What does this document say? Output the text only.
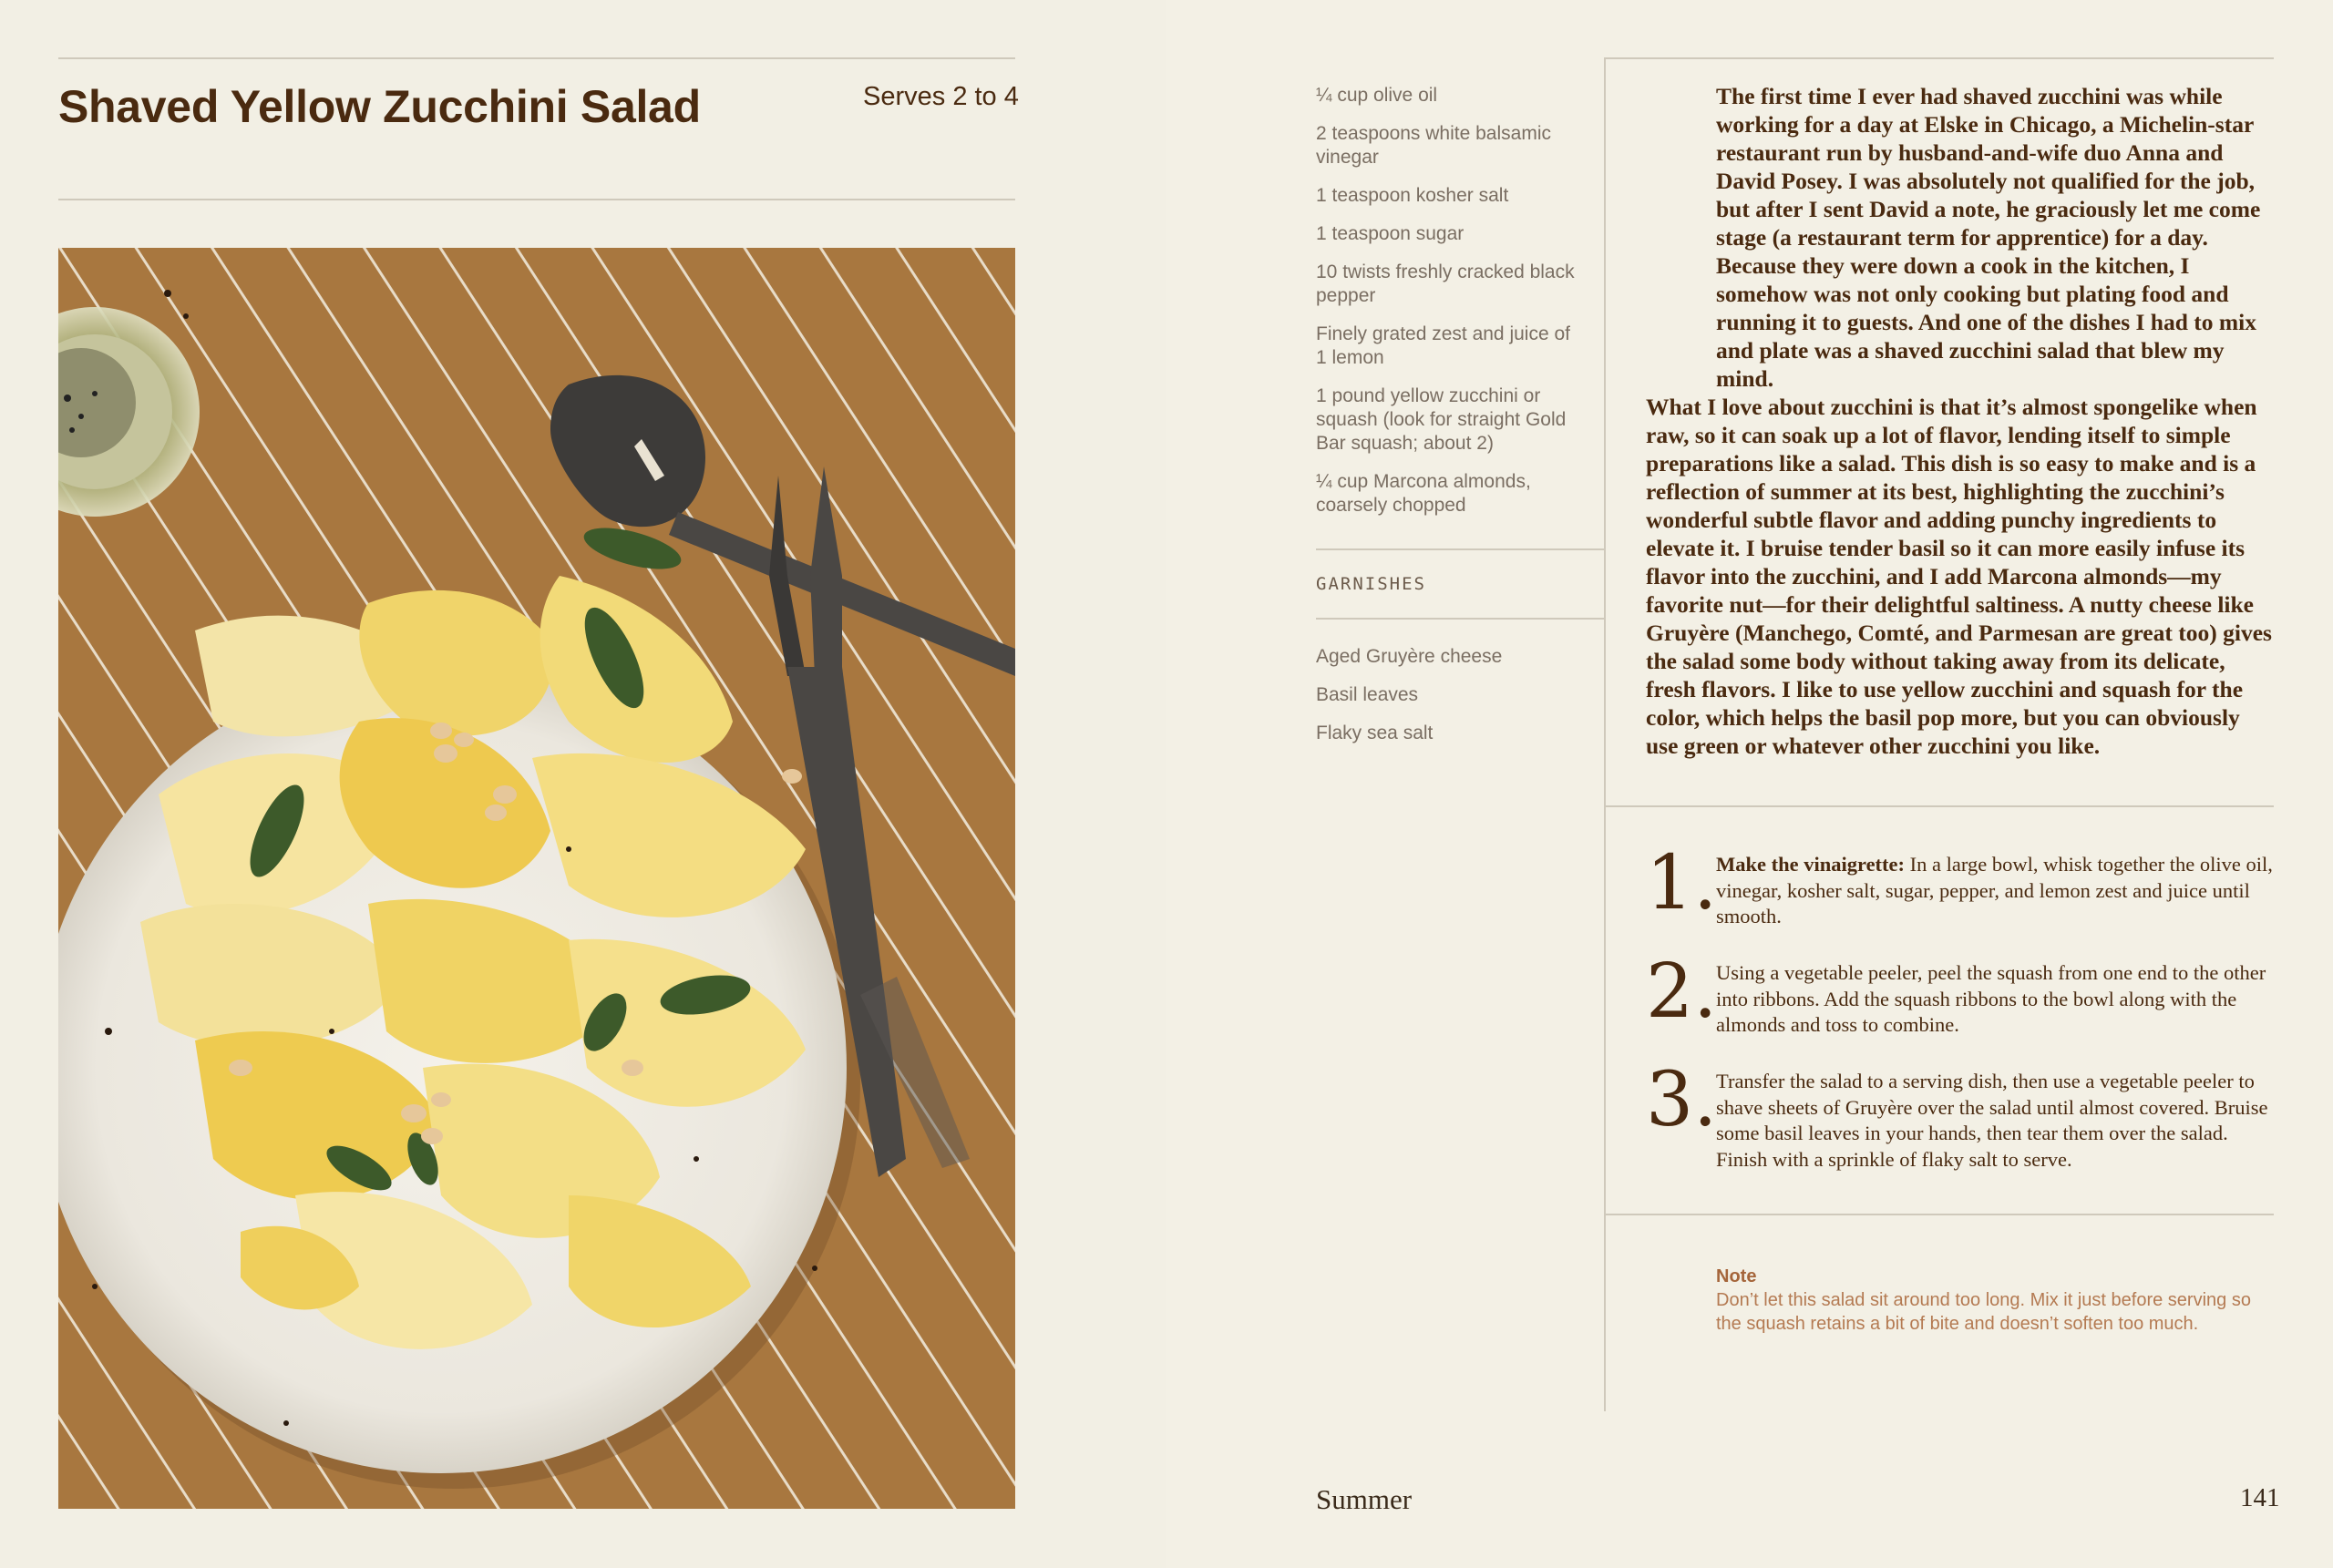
Shaved Yellow Zucchini Salad	Serves 2 to 4	¼ cup olive oil
2 teaspoons white balsamic vinegar
1 teaspoon kosher salt
1 teaspoon sugar
10 twists freshly cracked black pepper
Finely grated zest and juice of 1 lemon
1 pound yellow zucchini or squash (look for straight Gold Bar squash; about 2)
¼ cup Marcona almonds, coarsely chopped
GARNISHES
Aged Gruyère cheese
Basil leaves
Flaky sea salt

The first time I ever had shaved zucchini was while working for a day at Elske in Chicago, a Michelin-star restaurant run by husband-and-wife duo Anna and David Posey. I was absolutely not qualified for the job, but after I sent David a note, he graciously let me come stage (a restaurant term for apprentice) for a day. Because they were down a cook in the kitchen, I somehow was not only cooking but plating food and running it to guests. And one of the dishes I had to mix and plate was a shaved zucchini salad that blew my mind.

What I love about zucchini is that it’s almost spongelike when raw, so it can soak up a lot of flavor, lending itself to simple preparations like a salad. This dish is so easy to make and is a reflection of summer at its best, highlighting the zucchini’s wonderful subtle flavor and adding punchy ingredients to elevate it. I bruise tender basil so it can more easily infuse its flavor into the zucchini, and I add Marcona almonds—my favorite nut—for their delightful saltiness. A nutty cheese like Gruyère (Manchego, Comté, and Parmesan are great too) gives the salad some body without taking away from its delicate, fresh flavors. I like to use yellow zucchini and squash for the color, which helps the basil pop more, but you can obviously use green or whatever other zucchini you like.

1.
Make the vinaigrette: In a large bowl, whisk together the olive oil, vinegar, kosher salt, sugar, pepper, and lemon zest and juice until smooth.
2.
Using a vegetable peeler, peel the squash from one end to the other into ribbons. Add the squash ribbons to the bowl along with the almonds and toss to combine.
3.
Transfer the salad to a serving dish, then use a vegetable peeler to shave sheets of Gruyère over the salad until almost covered. Bruise some basil leaves in your hands, then tear them over the salad. Finish with a sprinkle of flaky salt to serve.
Note
Don’t let this salad sit around too long. Mix it just before serving so the squash retains a bit of bite and doesn’t soften too much.
Summer	141
